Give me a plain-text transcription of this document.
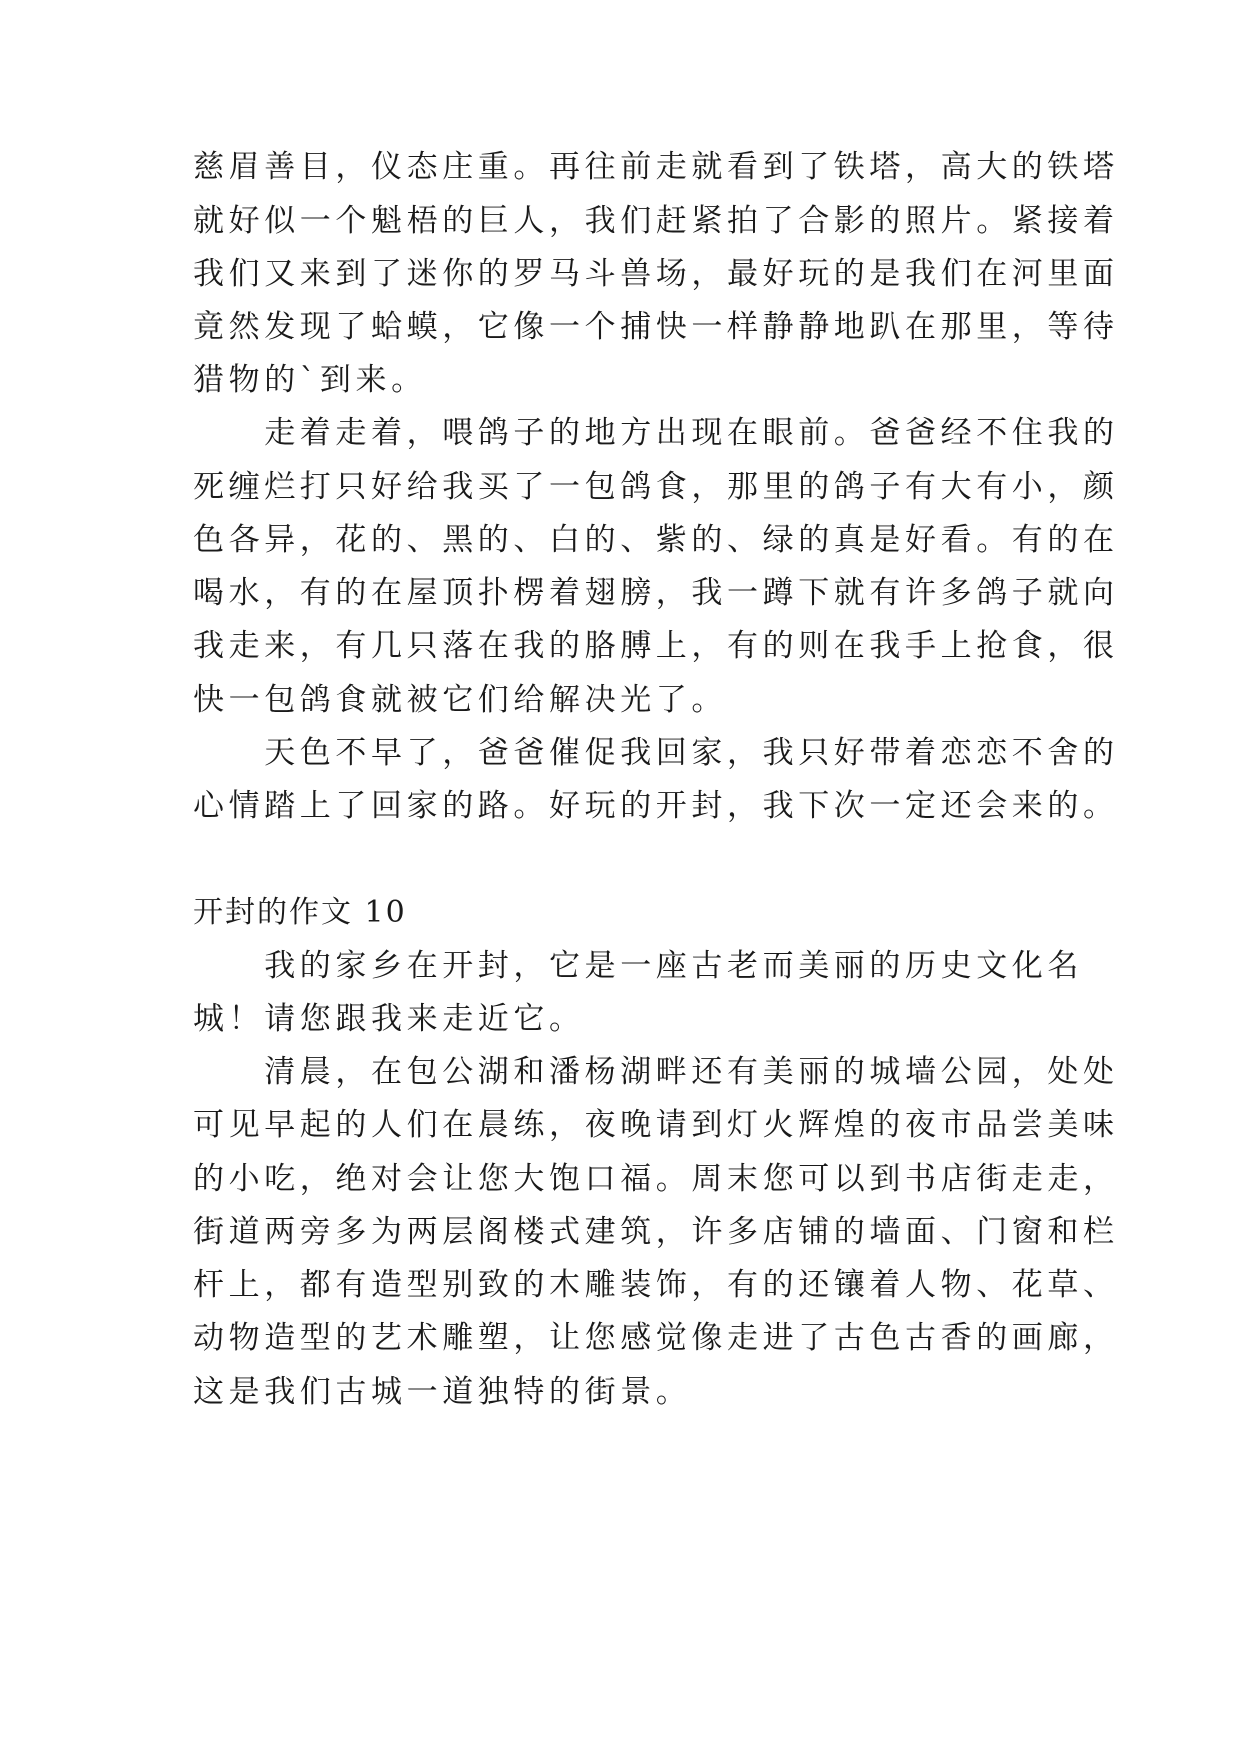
慈眉善目，仪态庄重。再往前走就看到了铁塔，高大的铁塔
就好似一个魁梧的巨人，我们赶紧拍了合影的照片。紧接着
我们又来到了迷你的罗马斗兽场，最好玩的是我们在河里面
竟然发现了蛤蟆，它像一个捕快一样静静地趴在那里，等待
猎物的`到来。
　　走着走着，喂鸽子的地方出现在眼前。爸爸经不住我的
死缠烂打只好给我买了一包鸽食，那里的鸽子有大有小，颜
色各异，花的、黑的、白的、紫的、绿的真是好看。有的在
喝水，有的在屋顶扑楞着翅膀，我一蹲下就有许多鸽子就向
我走来，有几只落在我的胳膊上，有的则在我手上抢食，很
快一包鸽食就被它们给解决光了。
　　天色不早了，爸爸催促我回家，我只好带着恋恋不舍的
心情踏上了回家的路。好玩的开封，我下次一定还会来的。
开封的作文 10
　　我的家乡在开封，它是一座古老而美丽的历史文化名
城！请您跟我来走近它。
　　清晨，在包公湖和潘杨湖畔还有美丽的城墙公园，处处
可见早起的人们在晨练，夜晚请到灯火辉煌的夜市品尝美味
的小吃，绝对会让您大饱口福。周末您可以到书店街走走，
街道两旁多为两层阁楼式建筑，许多店铺的墙面、门窗和栏
杆上，都有造型别致的木雕装饰，有的还镶着人物、花草、
动物造型的艺术雕塑，让您感觉像走进了古色古香的画廊，
这是我们古城一道独特的街景。
